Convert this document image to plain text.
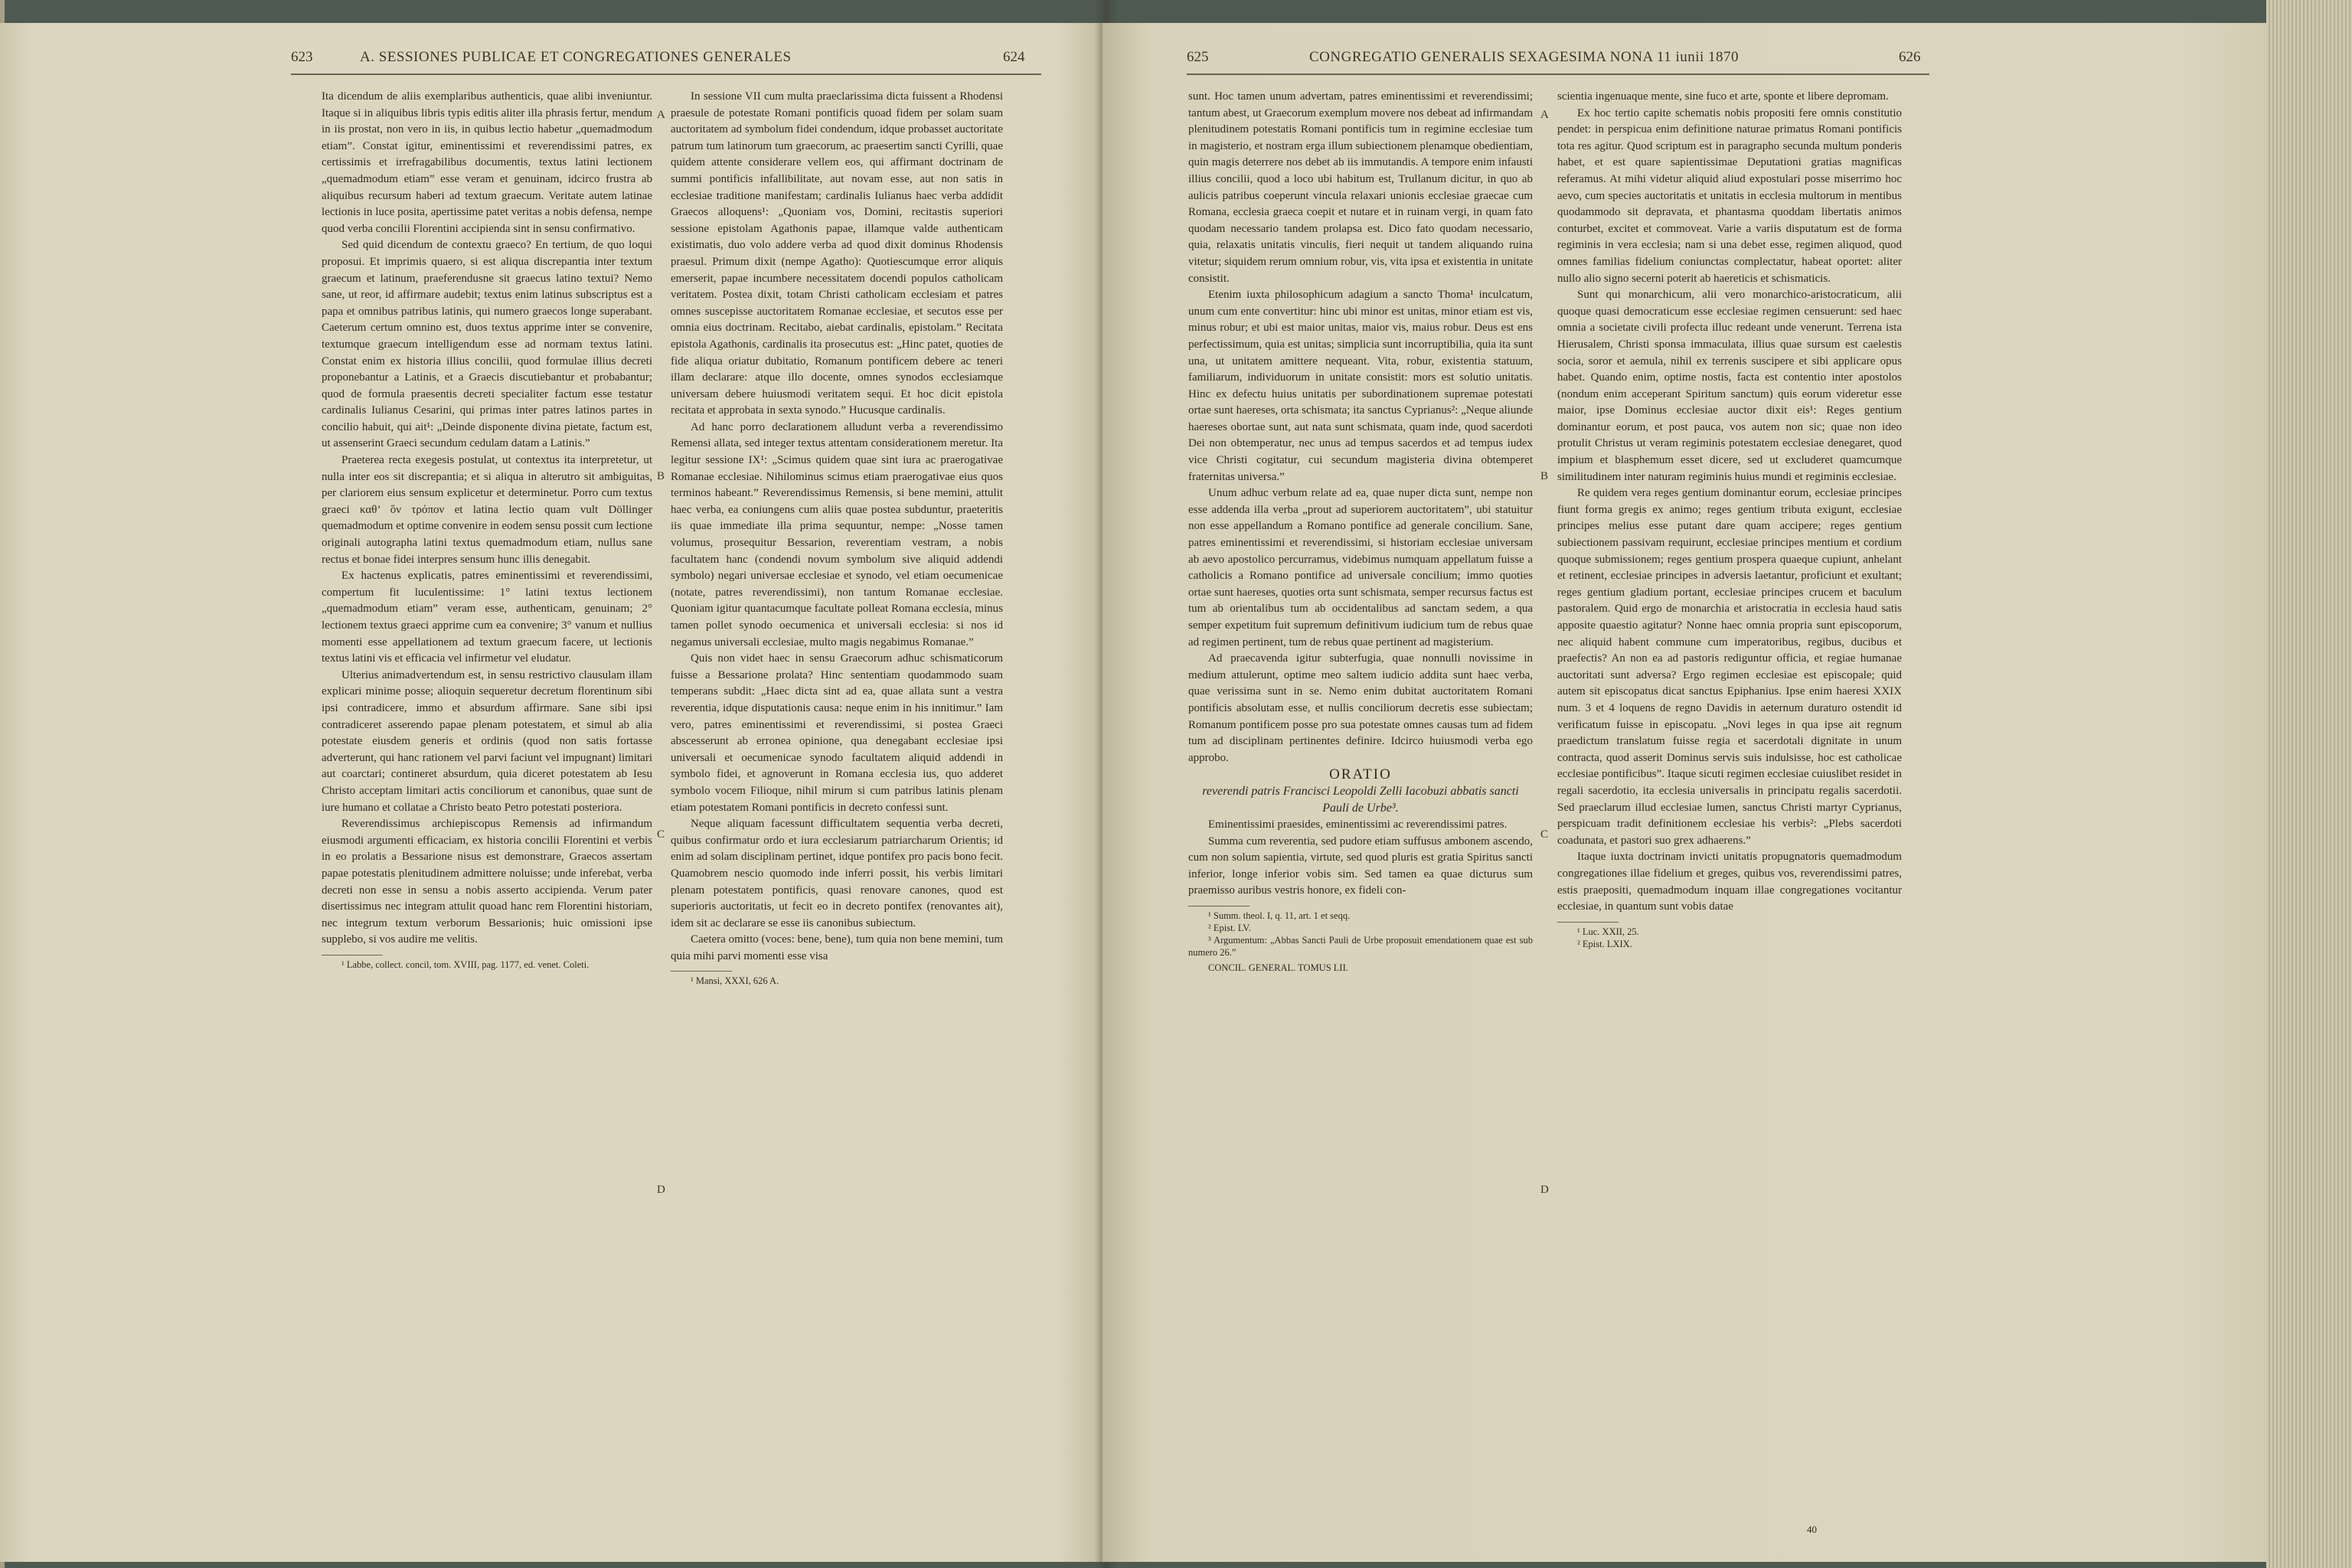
623	A. SESSIONES PUBLICAE ET CONGREGATIONES GENERALES	624

Ita dicendum de aliis exemplaribus authenticis, quae alibi inveniuntur. Itaque si in aliquibus libris typis editis aliter illa phrasis fertur, mendum in iis prostat, non vero in iis, in quibus lectio habetur „quemadmodum etiam”. Constat igitur, eminentissimi et reverendissimi patres, ex certissimis et irrefragabilibus documentis, textus latini lectionem „quemadmodum etiam” esse veram et genuinam, idcirco frustra ab aliquibus recursum haberi ad textum graecum. Veritate autem latinae lectionis in luce posita, apertissime patet veritas a nobis defensa, nempe quod verba concilii Florentini accipienda sint in sensu confirmativo.

Sed quid dicendum de contextu graeco? En tertium, de quo loqui proposui. Et imprimis quaero, si est aliqua discrepantia inter textum graecum et latinum, praeferendusne sit graecus latino textui? Nemo sane, ut reor, id affirmare audebit; textus enim latinus subscriptus est a papa et omnibus patribus latinis, qui numero graecos longe superabant. Caeterum certum omnino est, duos textus apprime inter se convenire, textumque graecum intelligendum esse ad normam textus latini. Constat enim ex historia illius concilii, quod formulae illius decreti proponebantur a Latinis, et a Graecis discutiebantur et probabantur; quod de formula praesentis decreti specialiter factum esse testatur cardinalis Iulianus Cesarini, qui primas inter patres latinos partes in concilio habuit, qui ait¹: „Deinde disponente divina pietate, factum est, ut assenserint Graeci secundum cedulam datam a Latinis.”

Praeterea recta exegesis postulat, ut contextus ita interpretetur, ut nulla inter eos sit discrepantia; et si aliqua in alterutro sit ambiguitas, per clariorem eius sensum explicetur et determinetur. Porro cum textus graeci καθ’ ὃν τρόπον et latina lectio quam vult Döllinger quemadmodum et optime convenire in eodem sensu possit cum lectione originali autographa latini textus quemadmodum etiam, nullus sane rectus et bonae fidei interpres sensum hunc illis denegabit.

Ex hactenus explicatis, patres eminentissimi et reverendissimi, compertum fit luculentissime: 1° latini textus lectionem „quemadmodum etiam” veram esse, authenticam, genuinam; 2° lectionem textus graeci apprime cum ea convenire; 3° vanum et nullius momenti esse appellationem ad textum graecum facere, ut lectionis textus latini vis et efficacia vel infirmetur vel eludatur.

Ulterius animadvertendum est, in sensu restrictivo clausulam illam explicari minime posse; alioquin sequeretur decretum florentinum sibi ipsi contradicere, immo et absurdum affirmare. Sane sibi ipsi contradiceret asserendo papae plenam potestatem, et simul ab alia potestate eiusdem generis et ordinis (quod non satis fortasse adverterunt, qui hanc rationem vel parvi faciunt vel impugnant) limitari aut coarctari; contineret absurdum, quia diceret potestatem ab Iesu Christo acceptam limitari actis conciliorum et canonibus, quae sunt de iure humano et collatae a Christo beato Petro potestati posteriora.

Reverendissimus archiepiscopus Remensis ad infirmandum eiusmodi argumenti efficaciam, ex historia concilii Florentini et verbis in eo prolatis a Bessarione nisus est demonstrare, Graecos assertam papae potestatis plenitudinem admittere noluisse; unde inferebat, verba decreti non esse in sensu a nobis asserto accipienda. Verum pater disertissimus nec integram attulit quoad hanc rem Florentini historiam, nec integrum textum verborum Bessarionis; huic omissioni ipse supplebo, si vos audire me velitis.

¹ Labbe, collect. concil, tom. XVIII, pag. 1177, ed. venet. Coleti.

A
B
C
D

In sessione VII cum multa praeclarissima dicta fuissent a Rhodensi praesule de potestate Romani pontificis quoad fidem per solam suam auctoritatem ad symbolum fidei condendum, idque probasset auctoritate patrum tum latinorum tum graecorum, ac praesertim sancti Cyrilli, quae quidem attente considerare vellem eos, qui affirmant doctrinam de summi pontificis infallibilitate, aut novam esse, aut non satis in ecclesiae traditione manifestam; cardinalis Iulianus haec verba addidit Graecos alloquens¹: „Quoniam vos, Domini, recitastis superiori sessione epistolam Agathonis papae, illamque valde authenticam existimatis, duo volo addere verba ad quod dixit dominus Rhodensis praesul. Primum dixit (nempe Agatho): Quotiescumque error aliquis emerserit, papae incumbere necessitatem docendi populos catholicam veritatem. Postea dixit, totam Christi catholicam ecclesiam et patres omnes suscepisse auctoritatem Romanae ecclesiae, et secutos esse per omnia eius doctrinam. Recitabo, aiebat cardinalis, epistolam.” Recitata epistola Agathonis, cardinalis ita prosecutus est: „Hinc patet, quoties de fide aliqua oriatur dubitatio, Romanum pontificem debere ac teneri illam declarare: atque illo docente, omnes synodos ecclesiamque universam debere huiusmodi veritatem sequi. Et hoc dicit epistola recitata et approbata in sexta synodo.” Hucusque cardinalis.

Ad hanc porro declarationem alludunt verba a reverendissimo Remensi allata, sed integer textus attentam considerationem meretur. Ita legitur sessione IX¹: „Scimus quidem quae sint iura ac praerogativae Romanae ecclesiae. Nihilominus scimus etiam praerogativae eius quos terminos habeant.” Reverendissimus Remensis, si bene memini, attulit haec verba, ea coniungens cum aliis quae postea subduntur, praeteritis iis quae immediate illa prima sequuntur, nempe: „Nosse tamen volumus, prosequitur Bessarion, reverentiam vestram, a nobis facultatem hanc (condendi novum symbolum sive aliquid addendi symbolo) negari universae ecclesiae et synodo, vel etiam oecumenicae (notate, patres reverendissimi), non tantum Romanae ecclesiae. Quoniam igitur quantacumque facultate polleat Romana ecclesia, minus tamen pollet synodo oecumenica et universali ecclesia: si nos id negamus universali ecclesiae, multo magis negabimus Romanae.”

Quis non videt haec in sensu Graecorum adhuc schismaticorum fuisse a Bessarione prolata? Hinc sententiam quodammodo suam temperans subdit: „Haec dicta sint ad ea, quae allata sunt a vestra reverentia, idque disputationis causa: neque enim in his innitimur.” Iam vero, patres eminentissimi et reverendissimi, si postea Graeci abscesserunt ab erronea opinione, qua denegabant ecclesiae ipsi universali et oecumenicae synodo facultatem aliquid addendi in symbolo fidei, et agnoverunt in Romana ecclesia ius, quo adderet symbolo vocem Filioque, nihil mirum si cum patribus latinis plenam etiam potestatem Romani pontificis in decreto confessi sunt.

Neque aliquam facessunt difficultatem sequentia verba decreti, quibus confirmatur ordo et iura ecclesiarum patriarcharum Orientis; id enim ad solam disciplinam pertinet, idque pontifex pro pacis bono fecit. Quamobrem nescio quomodo inde inferri possit, his verbis limitari plenam potestatem pontificis, quasi renovare canones, quod est superioris auctoritatis, ut fecit eo in decreto pontifex (renovantes ait), idem sit ac declarare se esse iis canonibus subiectum.

Caetera omitto (voces: bene, bene), tum quia non bene memini, tum quia mihi parvi momenti esse visa

¹ Mansi, XXXI, 626 A.

625	CONGREGATIO GENERALIS SEXAGESIMA NONA 11 iunii 1870	626

sunt. Hoc tamen unum advertam, patres eminentissimi et reverendissimi; tantum abest, ut Graecorum exemplum movere nos debeat ad infirmandam plenitudinem potestatis Romani pontificis tum in regimine ecclesiae tum in magisterio, et nostram erga illum subiectionem plenamque obedientiam, quin magis deterrere nos debet ab iis immutandis. A tempore enim infausti illius concilii, quod a loco ubi habitum est, Trullanum dicitur, in quo ab aulicis patribus coeperunt vincula relaxari unionis ecclesiae graecae cum Romana, ecclesia graeca coepit et nutare et in ruinam vergi, in quam fato quodam necessario tandem prolapsa est. Dico fato quodam necessario, quia, relaxatis unitatis vinculis, fieri nequit ut tandem aliquando ruina vitetur; siquidem rerum omnium robur, vis, vita ipsa et existentia in unitate consistit.

Etenim iuxta philosophicum adagium a sancto Thoma¹ inculcatum, unum cum ente convertitur: hinc ubi minor est unitas, minor etiam est vis, minus robur; et ubi est maior unitas, maior vis, maius robur. Deus est ens perfectissimum, quia est unitas; simplicia sunt incorruptibilia, quia ita sunt una, ut unitatem amittere nequeant. Vita, robur, existentia statuum, familiarum, individuorum in unitate consistit: mors est solutio unitatis. Hinc ex defectu huius unitatis per subordinationem supremae potestati ortae sunt haereses, orta schismata; ita sanctus Cyprianus²: „Neque aliunde haereses obortae sunt, aut nata sunt schismata, quam inde, quod sacerdoti Dei non obtemperatur, nec unus ad tempus sacerdos et ad tempus iudex vice Christi cogitatur, cui secundum magisteria divina obtemperet fraternitas universa.”

Unum adhuc verbum relate ad ea, quae nuper dicta sunt, nempe non esse addenda illa verba „prout ad superiorem auctoritatem”, ubi statuitur non esse appellandum a Romano pontifice ad generale concilium. Sane, patres eminentissimi et reverendissimi, si historiam ecclesiae universam ab aevo apostolico percurramus, videbimus numquam appellatum fuisse a catholicis a Romano pontifice ad universale concilium; immo quoties ortae sunt haereses, quoties orta sunt schismata, semper recursus factus est tum ab orientalibus tum ab occidentalibus ad sanctam sedem, a qua semper expetitum fuit supremum definitivum iudicium tum de rebus quae ad regimen pertinent, tum de rebus quae pertinent ad magisterium.

Ad praecavenda igitur subterfugia, quae nonnulli novissime in medium attulerunt, optime meo saltem iudicio addita sunt haec verba, quae verissima sunt in se. Nemo enim dubitat auctoritatem Romani pontificis absolutam esse, et nullis conciliorum decretis esse subiectam; Romanum pontificem posse pro sua potestate omnes causas tum ad fidem tum ad disciplinam pertinentes definire. Idcirco huiusmodi verba ego approbo.

ORATIO

reverendi patris Francisci Leopoldi Zelli Iacobuzi abbatis sancti Pauli de Urbe³.

Eminentissimi praesides, eminentissimi ac reverendissimi patres.

Summa cum reverentia, sed pudore etiam suffusus ambonem ascendo, cum non solum sapientia, virtute, sed quod pluris est gratia Spiritus sancti inferior, longe inferior vobis sim. Sed tamen ea quae dicturus sum praemisso auribus vestris honore, ex fideli con-

¹ Summ. theol. I, q. 11, art. 1 et seqq.

² Epist. LV.

³ Argumentum: „Abbas Sancti Pauli de Urbe proposuit emendationem quae est sub numero 26.”

CONCIL. GENERAL. TOMUS LII.

A
B
C
D

scientia ingenuaque mente, sine fuco et arte, sponte et libere depromam.

Ex hoc tertio capite schematis nobis propositi fere omnis constitutio pendet: in perspicua enim definitione naturae primatus Romani pontificis tota res agitur. Quod scriptum est in paragrapho secunda multum ponderis habet, et est quare sapientissimae Deputationi gratias magnificas referamus. At mihi videtur aliquid aliud expostulari posse miserrimo hoc aevo, cum species auctoritatis et unitatis in ecclesia multorum in mentibus quodammodo sit depravata, et phantasma quoddam libertatis animos conturbet, excitet et commoveat. Varie a variis disputatum est de forma regiminis in vera ecclesia; nam si una debet esse, regimen aliquod, quod omnes familias fidelium coniunctas complectatur, habeat oportet: aliter nullo alio signo secerni poterit ab haereticis et schismaticis.

Sunt qui monarchicum, alii vero monarchico-aristocraticum, alii quoque quasi democraticum esse ecclesiae regimen censuerunt: sed haec omnia a societate civili profecta illuc redeant unde venerunt. Terrena ista Hierusalem, Christi sponsa immaculata, illius quae sursum est caelestis socia, soror et aemula, nihil ex terrenis suscipere et sibi applicare opus habet. Quando enim, optime nostis, facta est contentio inter apostolos (nondum enim acceperant Spiritum sanctum) quis eorum videretur esse maior, ipse Dominus ecclesiae auctor dixit eis¹: Reges gentium dominantur eorum, et post pauca, vos autem non sic; quae non ideo protulit Christus ut veram regiminis potestatem ecclesiae denegaret, quod impium et blasphemum esset dicere, sed ut excluderet quamcumque similitudinem inter naturam regiminis huius mundi et regiminis ecclesiae.

Re quidem vera reges gentium dominantur eorum, ecclesiae principes fiunt forma gregis ex animo; reges gentium tributa exigunt, ecclesiae principes melius esse putant dare quam accipere; reges gentium subiectionem passivam requirunt, ecclesiae principes mentium et cordium quoque submissionem; reges gentium prospera quaeque cupiunt, anhelant et retinent, ecclesiae principes in adversis laetantur, proficiunt et exultant; reges gentium gladium portant, ecclesiae principes crucem et baculum pastoralem. Quid ergo de monarchia et aristocratia in ecclesia haud satis apposite quaestio agitatur? Nonne haec omnia propria sunt episcoporum, nec aliquid habent commune cum imperatoribus, regibus, ducibus et praefectis? An non ea ad pastoris rediguntur officia, et regiae humanae auctoritati sunt adversa? Ergo regimen ecclesiae est episcopale; quid autem sit episcopatus dicat sanctus Epiphanius. Ipse enim haeresi XXIX num. 3 et 4 loquens de regno Davidis in aeternum duraturo ostendit id verificatum fuisse in episcopatu. „Novi leges in qua ipse ait regnum praedictum translatum fuisse regia et sacerdotali dignitate in unum contracta, quod asserit Dominus servis suis indulsisse, hoc est catholicae ecclesiae pontificibus”. Itaque sicuti regimen ecclesiae cuiuslibet residet in regali sacerdotio, ita ecclesia universalis in principatu regalis sacerdotii. Sed praeclarum illud ecclesiae lumen, sanctus Christi martyr Cyprianus, perspicuam tradit definitionem ecclesiae his verbis²: „Plebs sacerdoti coadunata, et pastori suo grex adhaerens.”

Itaque iuxta doctrinam invicti unitatis propugnatoris quemadmodum congregationes illae fidelium et greges, quibus vos, reverendissimi patres, estis praepositi, quemadmodum inquam illae congregationes vocitantur ecclesiae, in quantum sunt vobis datae

¹ Luc. XXII, 25.

² Epist. LXIX.

40
